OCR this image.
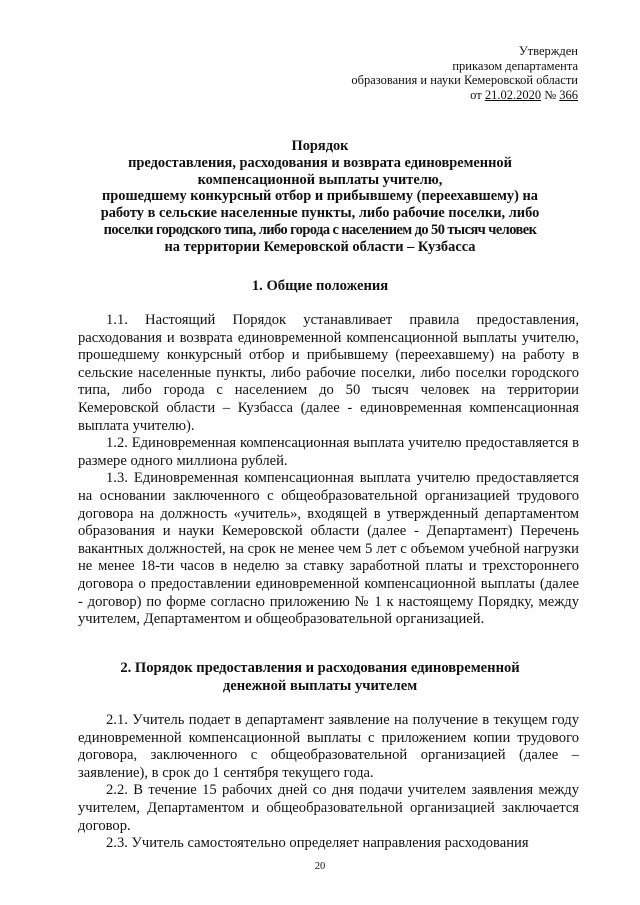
Утвержден
приказом департамента
образования и науки Кемеровской области
от 21.02.2020 № 366
Порядок
предоставления, расходования и возврата единовременной
компенсационной выплаты учителю,
прошедшему конкурсный отбор и прибывшему (переехавшему) на
работу в сельские населенные пункты, либо рабочие поселки, либо
поселки городского типа, либо города с населением до 50 тысяч человек
на территории Кемеровской области – Кузбасса
1. Общие положения

1.1. Настоящий Порядок устанавливает правила предоставления, расходования и возврата единовременной компенсационной выплаты учителю, прошедшему конкурсный отбор и прибывшему (переехавшему) на работу в сельские населенные пункты, либо рабочие поселки, либо поселки городского типа, либо города с населением до 50 тысяч человек на территории Кемеровской области – Кузбасса (далее - единовременная компенсационная выплата учителю).

1.2. Единовременная компенсационная выплата учителю предоставляется в размере одного миллиона рублей.

1.3. Единовременная компенсационная выплата учителю предоставляется на основании заключенного с общеобразовательной организацией трудового договора на должность «учитель», входящей в утвержденный департаментом образования и науки Кемеровской области (далее - Департамент) Перечень вакантных должностей, на срок не менее чем 5 лет с объемом учебной нагрузки не менее 18-ти часов в неделю за ставку заработной платы и трехстороннего договора о предоставлении единовременной компенсационной выплаты (далее - договор) по форме согласно приложению № 1 к настоящему Порядку, между учителем, Департаментом и общеобразовательной организацией.

2. Порядок предоставления и расходования единовременной
денежной выплаты учителем

2.1. Учитель подает в департамент заявление на получение в текущем году единовременной компенсационной выплаты с приложением копии трудового договора, заключенного с общеобразовательной организацией (далее – заявление), в срок до 1 сентября текущего года.

2.2. В течение 15 рабочих дней со дня подачи учителем заявления между учителем, Департаментом и общеобразовательной организацией заключается договор.

2.3. Учитель самостоятельно определяет направления расходования

20
